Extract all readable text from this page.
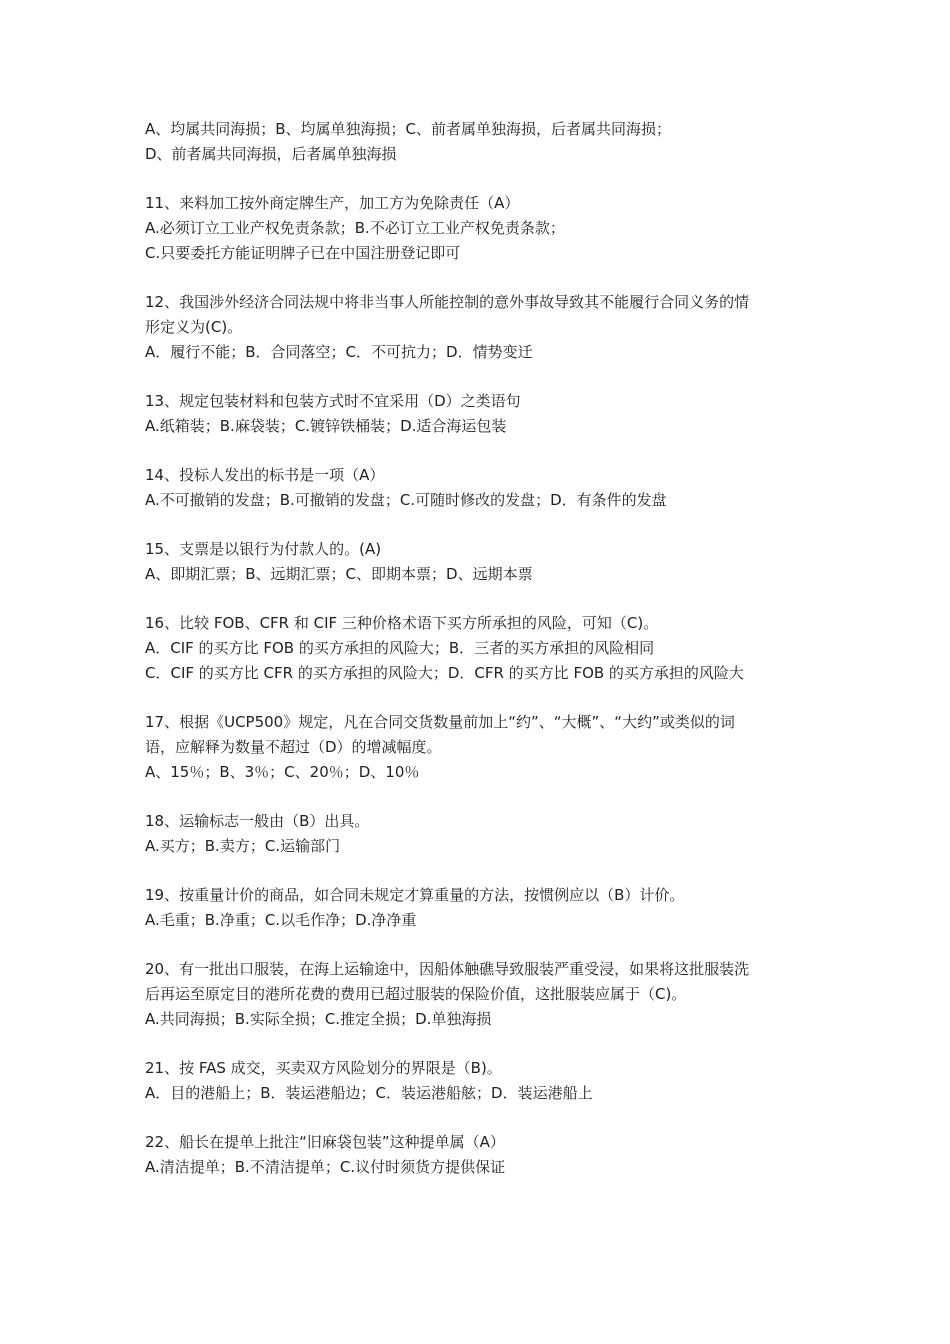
A、均属共同海损；B、均属单独海损；C、前者属单独海损，后者属共同海损；
D、前者属共同海损，后者属单独海损
11、来料加工按外商定牌生产，加工方为免除责任（A）
A.必须订立工业产权免责条款；B.不必订立工业产权免责条款；
C.只要委托方能证明牌子已在中国注册登记即可
12、我国涉外经济合同法规中将非当事人所能控制的意外事故导致其不能履行合同义务的情
形定义为(C)。
A．履行不能；B．合同落空；C．不可抗力；D．情势变迁
13、规定包装材料和包装方式时不宜采用（D）之类语句
A.纸箱装；B.麻袋装；C.镀锌铁桶装；D.适合海运包装
14、投标人发出的标书是一项（A）
A.不可撤销的发盘；B.可撤销的发盘；C.可随时修改的发盘；D．有条件的发盘
15、支票是以银行为付款人的。(A)
A、即期汇票；B、远期汇票；C、即期本票；D、远期本票
16、比较 FOB、CFR 和 CIF 三种价格术语下买方所承担的风险，可知（C)。
A．CIF 的买方比 FOB 的买方承担的风险大；B．三者的买方承担的风险相同
C．CIF 的买方比 CFR 的买方承担的风险大；D．CFR 的买方比 FOB 的买方承担的风险大
17、根据《UCP500》规定，凡在合同交货数量前加上“约”、“大概”、“大约”或类似的词
语，应解释为数量不超过（D）的增减幅度。
A、15％；B、3％；C、20％；D、10％
18、运输标志一般由（B）出具。
A.买方；B.卖方；C.运输部门
19、按重量计价的商品，如合同未规定才算重量的方法，按惯例应以（B）计价。
A.毛重；B.净重；C.以毛作净；D.净净重
20、有一批出口服装，在海上运输途中，因船体触礁导致服装严重受浸，如果将这批服装洗
后再运至原定目的港所花费的费用已超过服装的保险价值，这批服装应属于（C)。
A.共同海损；B.实际全损；C.推定全损；D.单独海损
21、按 FAS 成交，买卖双方风险划分的界限是（B)。
A．目的港船上；B．装运港船边；C．装运港船舷；D．装运港船上
22、船长在提单上批注“旧麻袋包装”这种提单属（A）
A.清洁提单；B.不清洁提单；C.议付时须货方提供保证
